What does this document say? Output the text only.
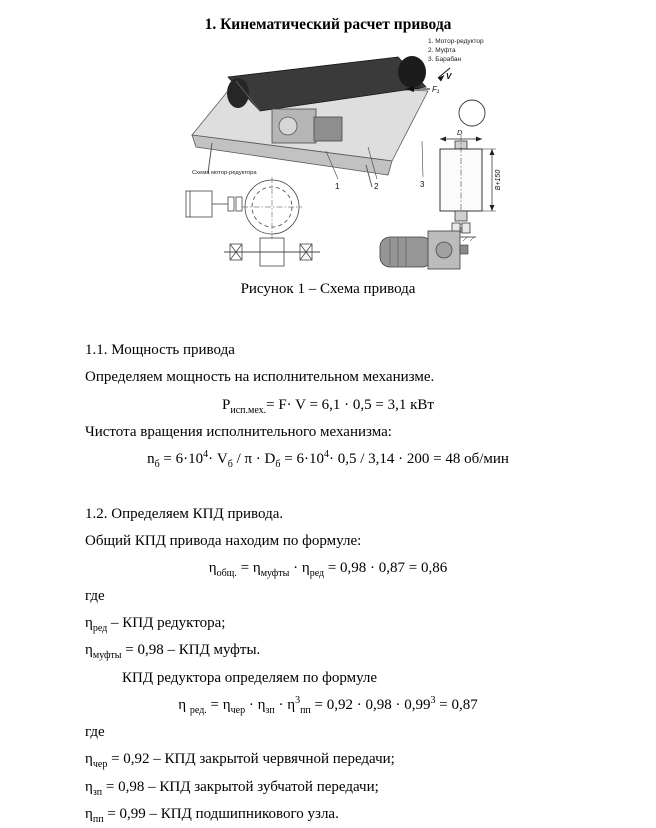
1. Кинематический расчет привода
1. Мотор-редуктор
2. Муфта
3. Барабан
V
F₁
1	2	3
D
B+150
Схема мотор-редуктора
Рисунок 1 – Схема привода

1.1. Мощность привода

Определяем мощность на исполнительном механизме.

$P_{исп.мех.}= F\cdot V = 6,1 \cdot 0,5 = 3,1$ кВт

Чистота вращения исполнительного механизма:

$n_б = 6\cdot 10^4\cdot V_б / \pi \cdot D_б = 6\cdot 10^4\cdot 0,5 / 3,14 \cdot 200 = 48$ об/мин

1.2. Определяем КПД привода.

Общий КПД привода находим по формуле:

$\eta_{общ.} = \eta_{муфты} \cdot \eta_{ред} = 0,98 \cdot 0,87 = 0,86$

где

$\eta_{ред}$ – КПД редуктора;

$\eta_{муфты} = 0,98$ – КПД муфты.

КПД редуктора определяем по формуле

η $_{ред.} = \eta_{чер} \cdot \eta_{зп} \cdot \eta^3_{пп} = 0,92 \cdot 0,98 \cdot 0,99^3 = 0,87$

где

$\eta_{чер} = 0,92$ – КПД закрытой червячной передачи;

$\eta_{зп} = 0,98$ – КПД закрытой зубчатой передачи;

$\eta_{пп} = 0,99$ – КПД подшипникового узла.
